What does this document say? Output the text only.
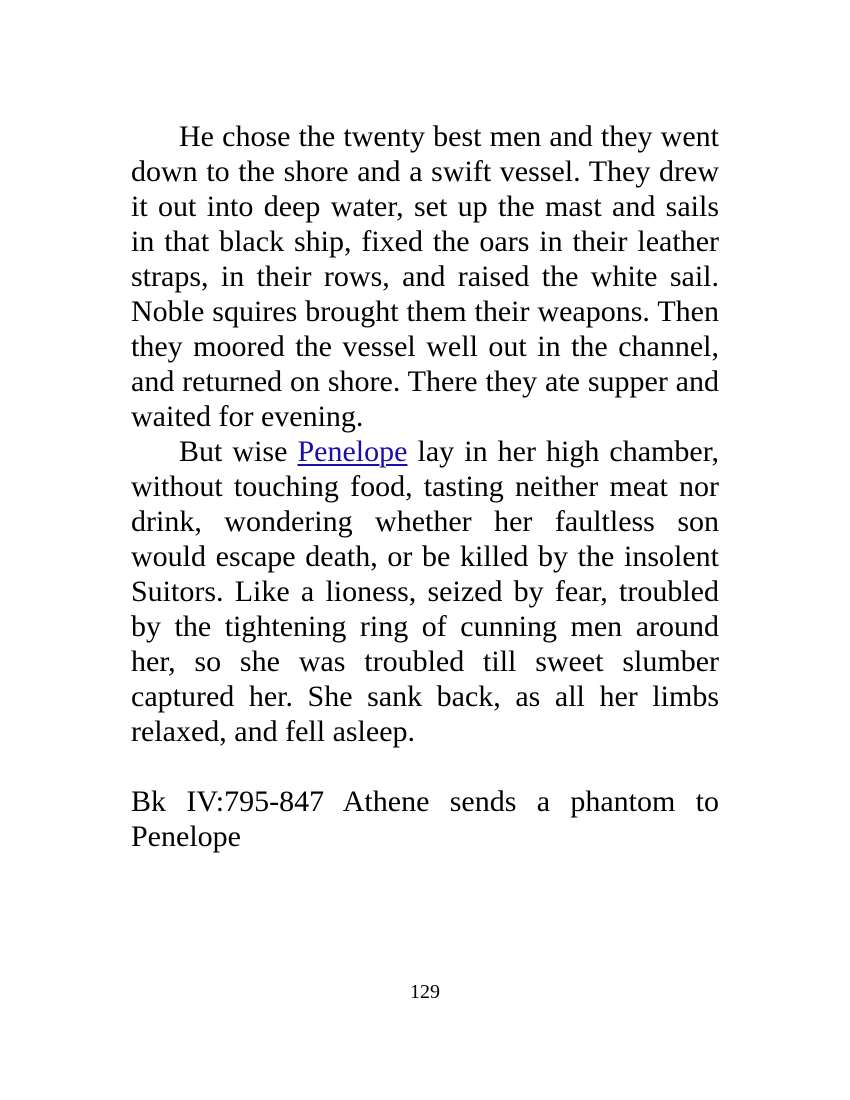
He chose the twenty best men and they went down to the shore and a swift vessel. They drew it out into deep water, set up the mast and sails in that black ship, fixed the oars in their leather straps, in their rows, and raised the white sail. Noble squires brought them their weapons. Then they moored the vessel well out in the channel, and returned on shore. There they ate supper and waited for evening.

But wise Penelope lay in her high chamber, without touching food, tasting neither meat nor drink, wondering whether her faultless son would escape death, or be killed by the insolent Suitors. Like a lioness, seized by fear, troubled by the tightening ring of cunning men around her, so she was troubled till sweet slumber captured her. She sank back, as all her limbs relaxed, and fell asleep.

Bk IV:795-847 Athene sends a phantom to Penelope

129
